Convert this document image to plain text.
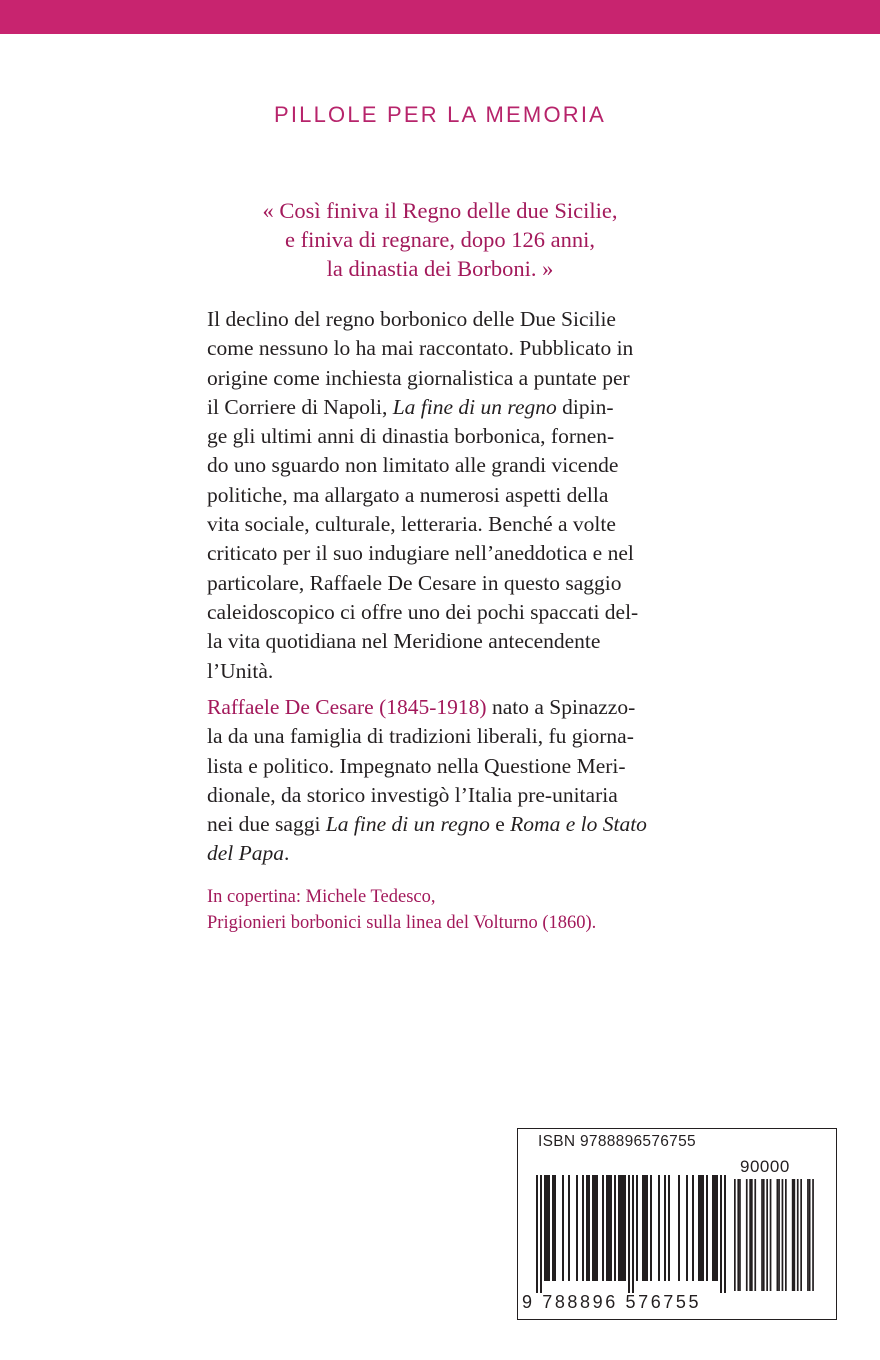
PILLOLE PER LA MEMORIA
« Così finiva il Regno delle due Sicilie,
e finiva di regnare, dopo 126 anni,
la dinastia dei Borboni. »
Il declino del regno borbonico delle Due Sicilie
come nessuno lo ha mai raccontato. Pubblicato in
origine come inchiesta giornalistica a puntate per
il Corriere di Napoli, La fine di un regno dipin-
ge gli ultimi anni di dinastia borbonica, fornen-
do uno sguardo non limitato alle grandi vicende
politiche, ma allargato a numerosi aspetti della
vita sociale, culturale, letteraria. Benché a volte
criticato per il suo indugiare nell’aneddotica e nel
particolare, Raffaele De Cesare in questo saggio
caleidoscopico ci offre uno dei pochi spaccati del-
la vita quotidiana nel Meridione antecendente
l’Unità.
Raffaele De Cesare (1845-1918) nato a Spinazzo-
la da una famiglia di tradizioni liberali, fu giorna-
lista e politico. Impegnato nella Questione Meri-
dionale, da storico investigò l’Italia pre-unitaria
nei due saggi La fine di un regno e Roma e lo Stato
del Papa.
In copertina: Michele Tedesco,
Prigionieri borbonici sulla linea del Volturno (1860).
ISBN 9788896576755
90000
9 788896 576755
